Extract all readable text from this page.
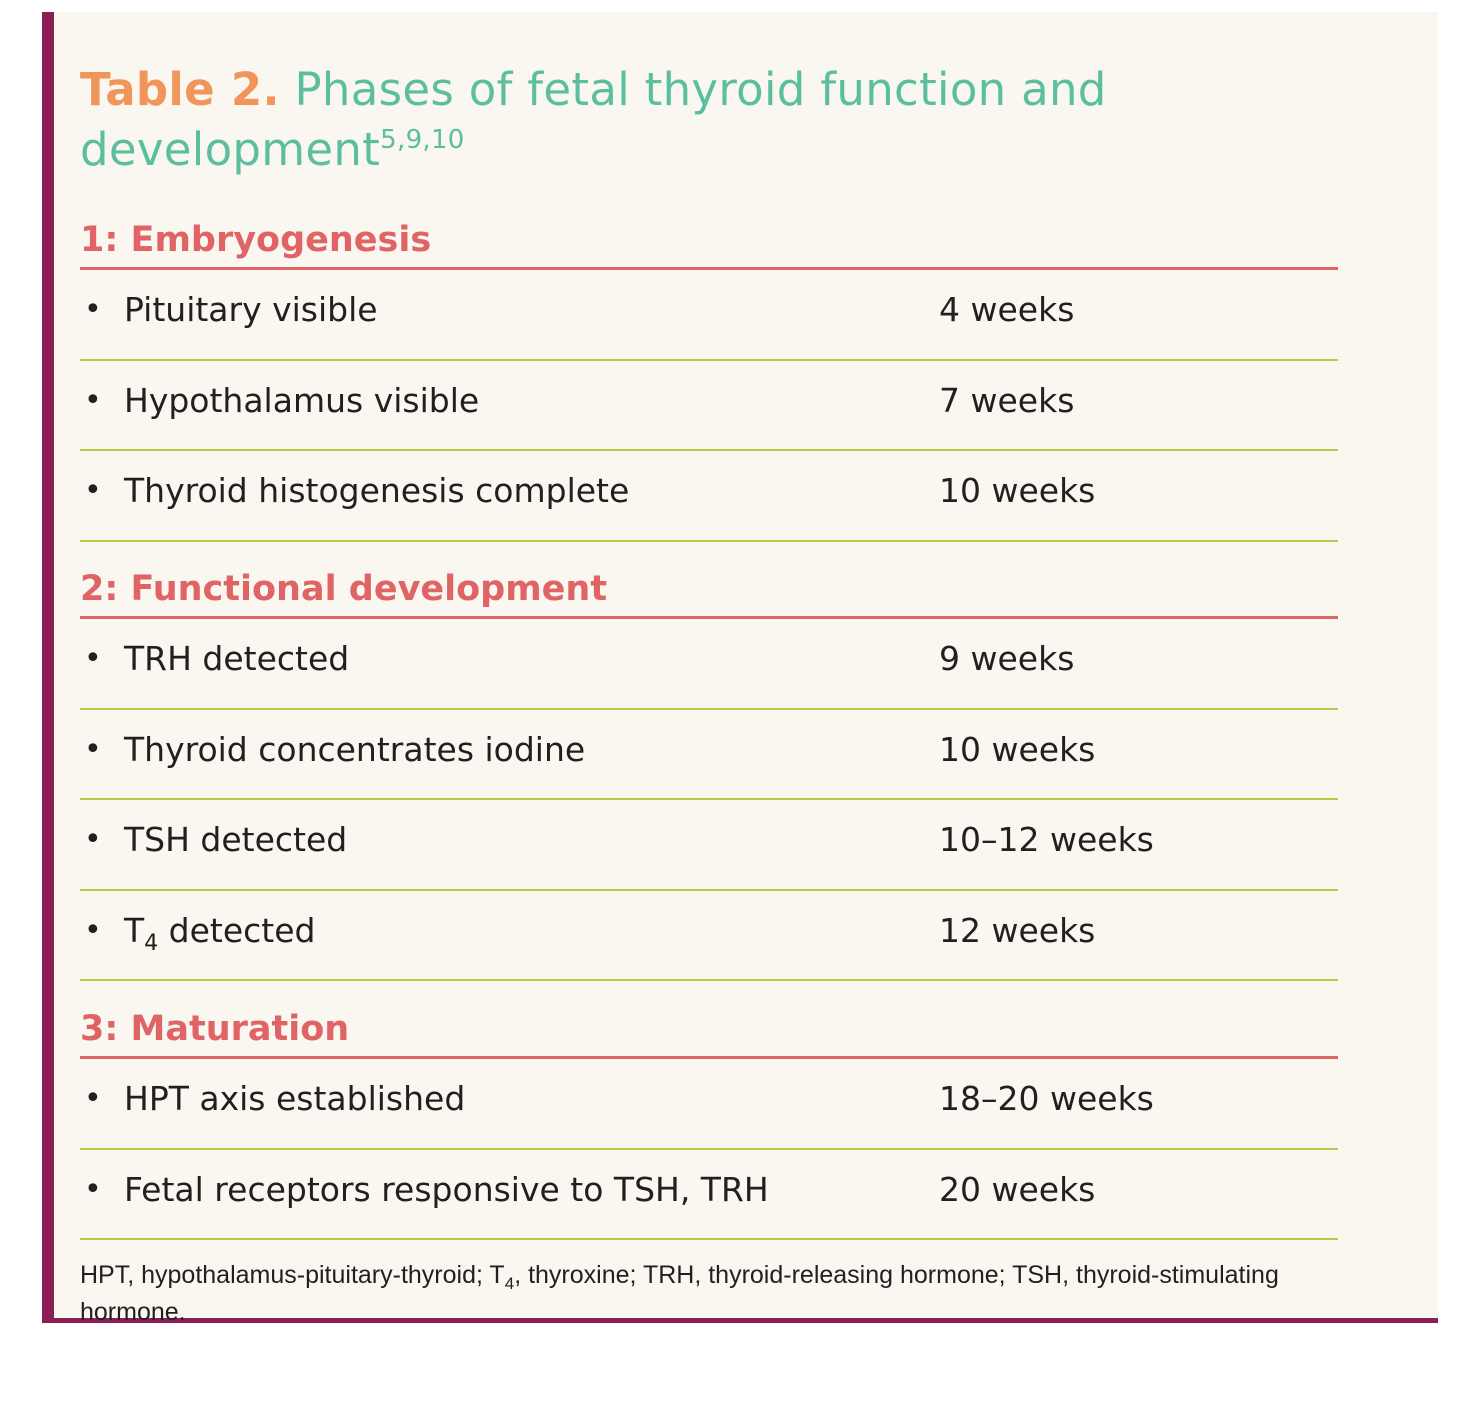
Table 2. Phases of fetal thyroid function and development$^{5,9,10}$
1: Embryogenesis
• Pituitary visible	4 weeks
• Hypothalamus visible	7 weeks
• Thyroid histogenesis complete	10 weeks
2: Functional development
• TRH detected	9 weeks
• Thyroid concentrates iodine	10 weeks
• TSH detected	10–12 weeks
• $T_4$ detected	12 weeks
3: Maturation
• HPT axis established	18–20 weeks
• Fetal receptors responsive to TSH, TRH	20 weeks

HPT, hypothalamus-pituitary-thyroid; $T_4$, thyroxine; TRH, thyroid-releasing hormone; TSH, thyroid-stimulating hormone.
